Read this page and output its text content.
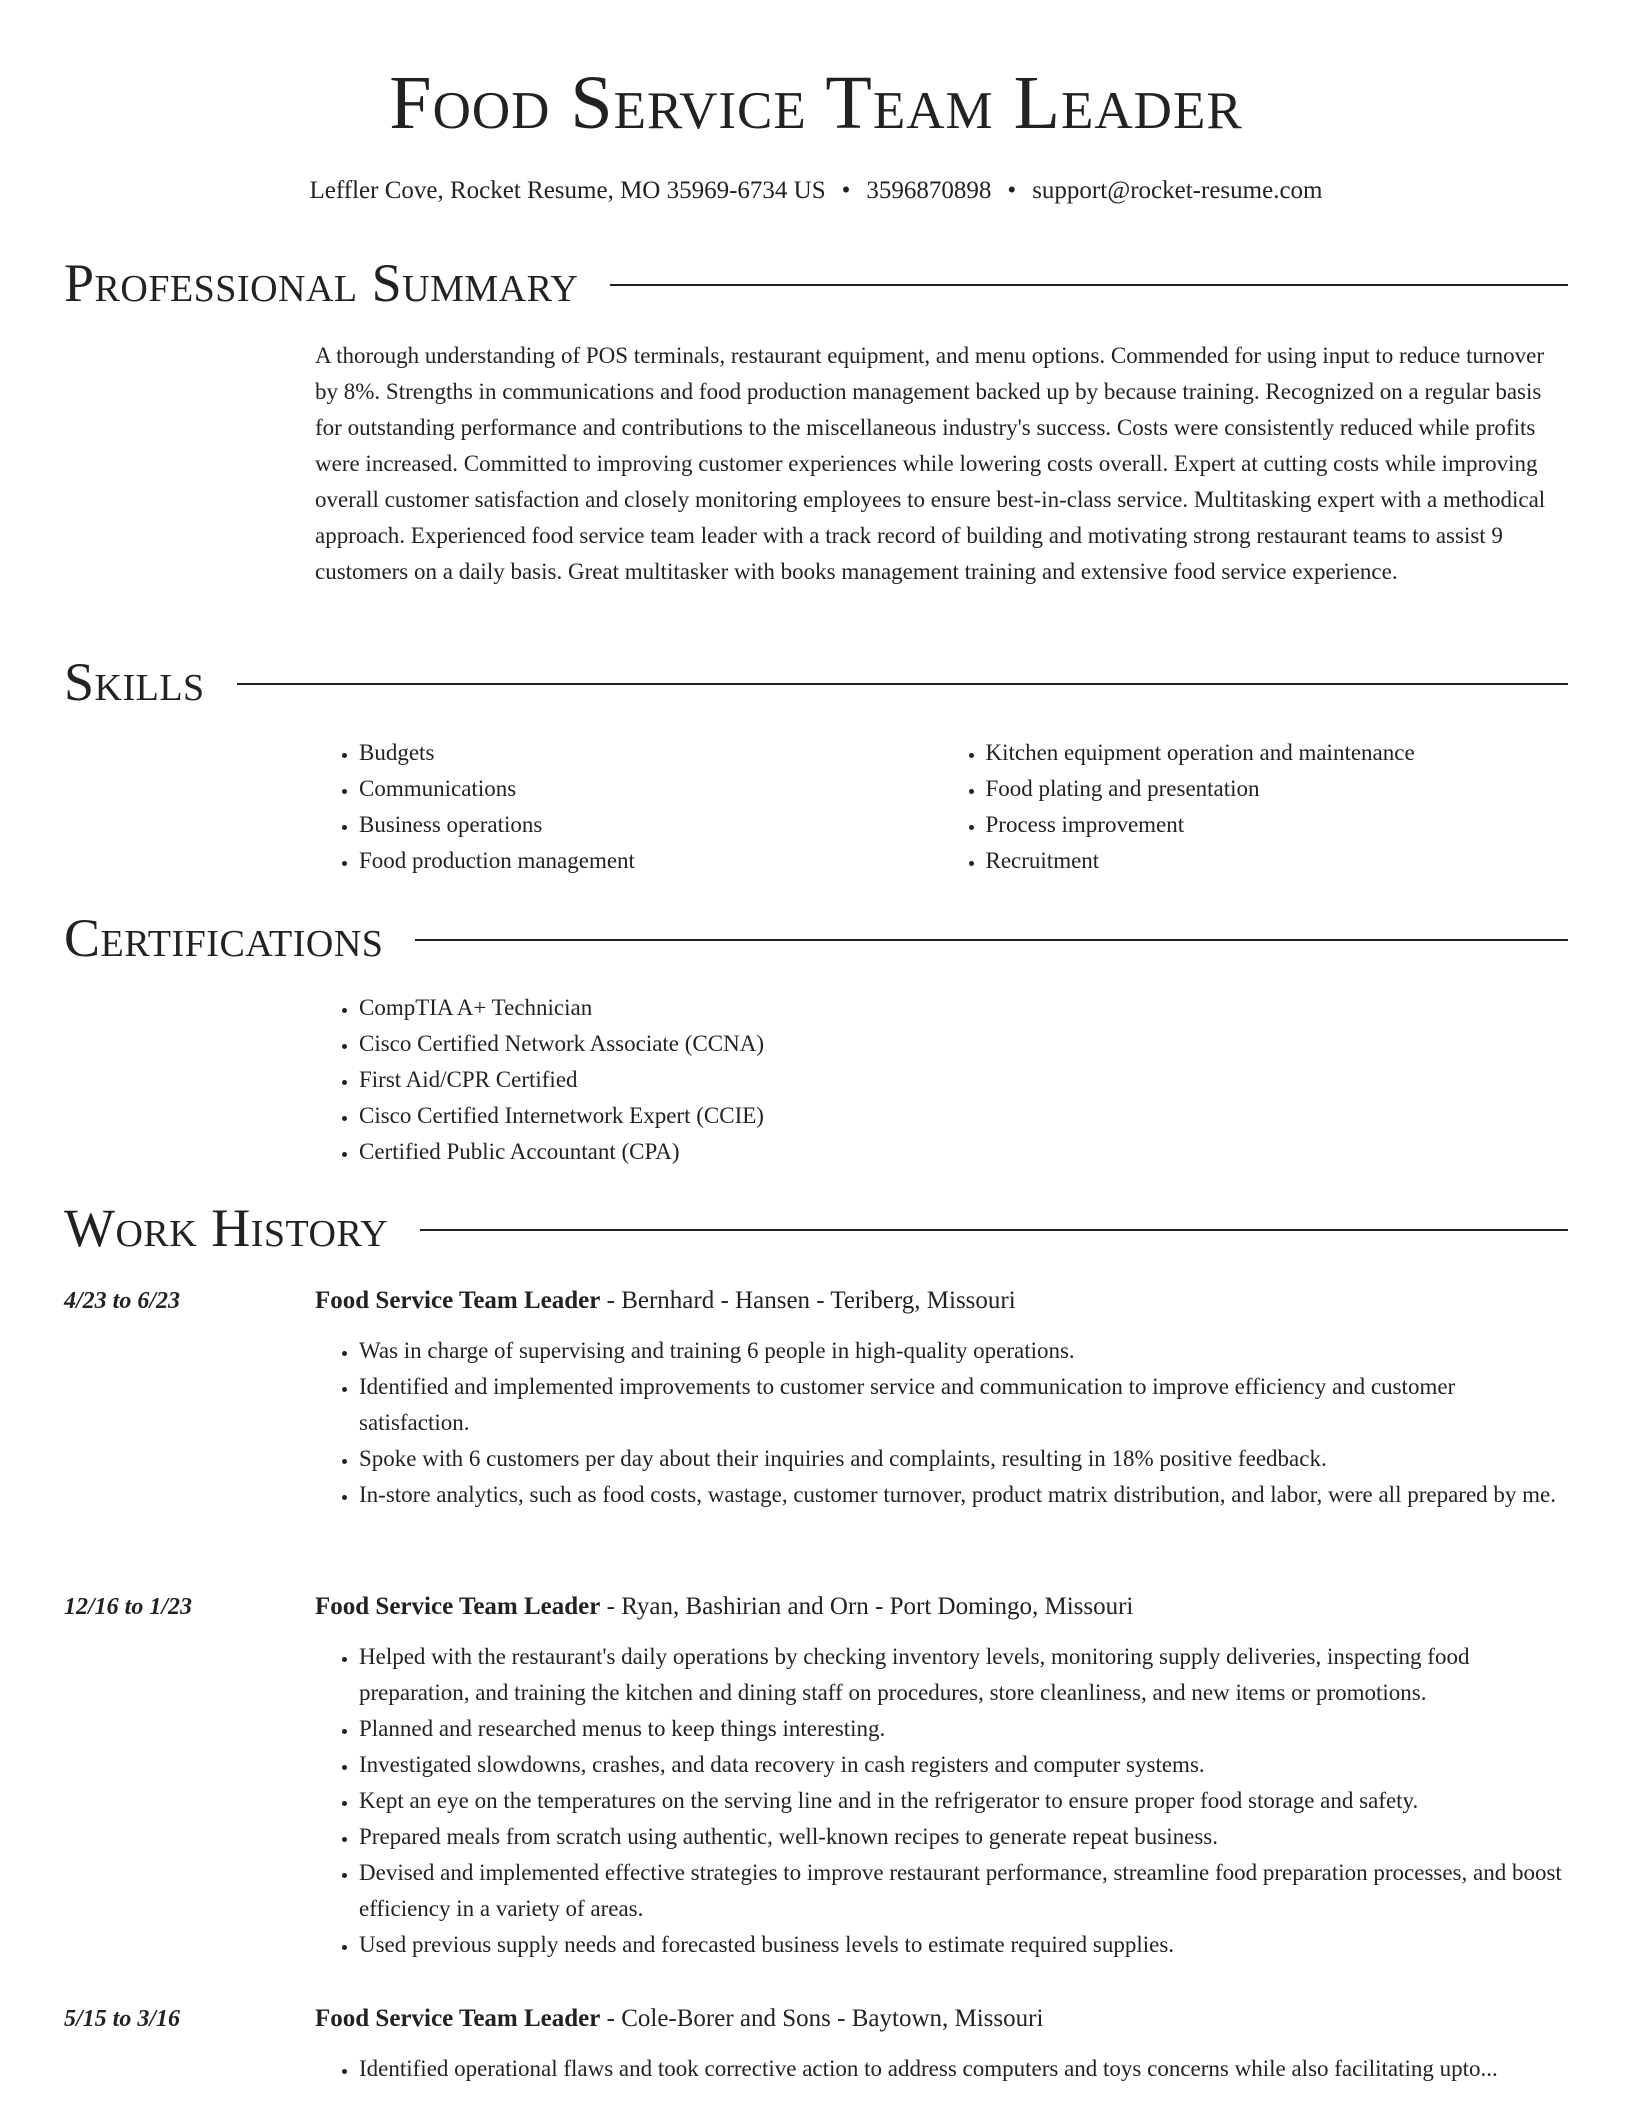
Food Service Team Leader
Leffler Cove, Rocket Resume, MO 35969-6734 US • 3596870898 • support@rocket-resume.com
Professional Summary

A thorough understanding of POS terminals, restaurant equipment, and menu options. Commended for using input to reduce turnover by 8%. Strengths in communications and food production management backed up by because training. Recognized on a regular basis for outstanding performance and contributions to the miscellaneous industry's success. Costs were consistently reduced while profits were increased. Committed to improving customer experiences while lowering costs overall. Expert at cutting costs while improving overall customer satisfaction and closely monitoring employees to ensure best-in-class service. Multitasking expert with a methodical approach. Experienced food service team leader with a track record of building and motivating strong restaurant teams to assist 9 customers on a daily basis. Great multitasker with books management training and extensive food service experience.

Skills
• Budgets
• Communications
• Business operations
• Food production management
• Kitchen equipment operation and maintenance
• Food plating and presentation
• Process improvement
• Recruitment
Certifications
• CompTIA A+ Technician
• Cisco Certified Network Associate (CCNA)
• First Aid/CPR Certified
• Cisco Certified Internetwork Expert (CCIE)
• Certified Public Accountant (CPA)
Work History
4/23 to 6/23	Food Service Team Leader - Bernhard - Hansen - Teriberg, Missouri
• Was in charge of supervising and training 6 people in high-quality operations.
• Identified and implemented improvements to customer service and communication to improve efficiency and customer satisfaction.
• Spoke with 6 customers per day about their inquiries and complaints, resulting in 18% positive feedback.
• In-store analytics, such as food costs, wastage, customer turnover, product matrix distribution, and labor, were all prepared by me.
12/16 to 1/23	Food Service Team Leader - Ryan, Bashirian and Orn - Port Domingo, Missouri
• Helped with the restaurant's daily operations by checking inventory levels, monitoring supply deliveries, inspecting food preparation, and training the kitchen and dining staff on procedures, store cleanliness, and new items or promotions.
• Planned and researched menus to keep things interesting.
• Investigated slowdowns, crashes, and data recovery in cash registers and computer systems.
• Kept an eye on the temperatures on the serving line and in the refrigerator to ensure proper food storage and safety.
• Prepared meals from scratch using authentic, well-known recipes to generate repeat business.
• Devised and implemented effective strategies to improve restaurant performance, streamline food preparation processes, and boost efficiency in a variety of areas.
• Used previous supply needs and forecasted business levels to estimate required supplies.
5/15 to 3/16	Food Service Team Leader - Cole-Borer and Sons - Baytown, Missouri
• Identified operational flaws and took corrective action to address computers and toys concerns while also facilitating upto...
